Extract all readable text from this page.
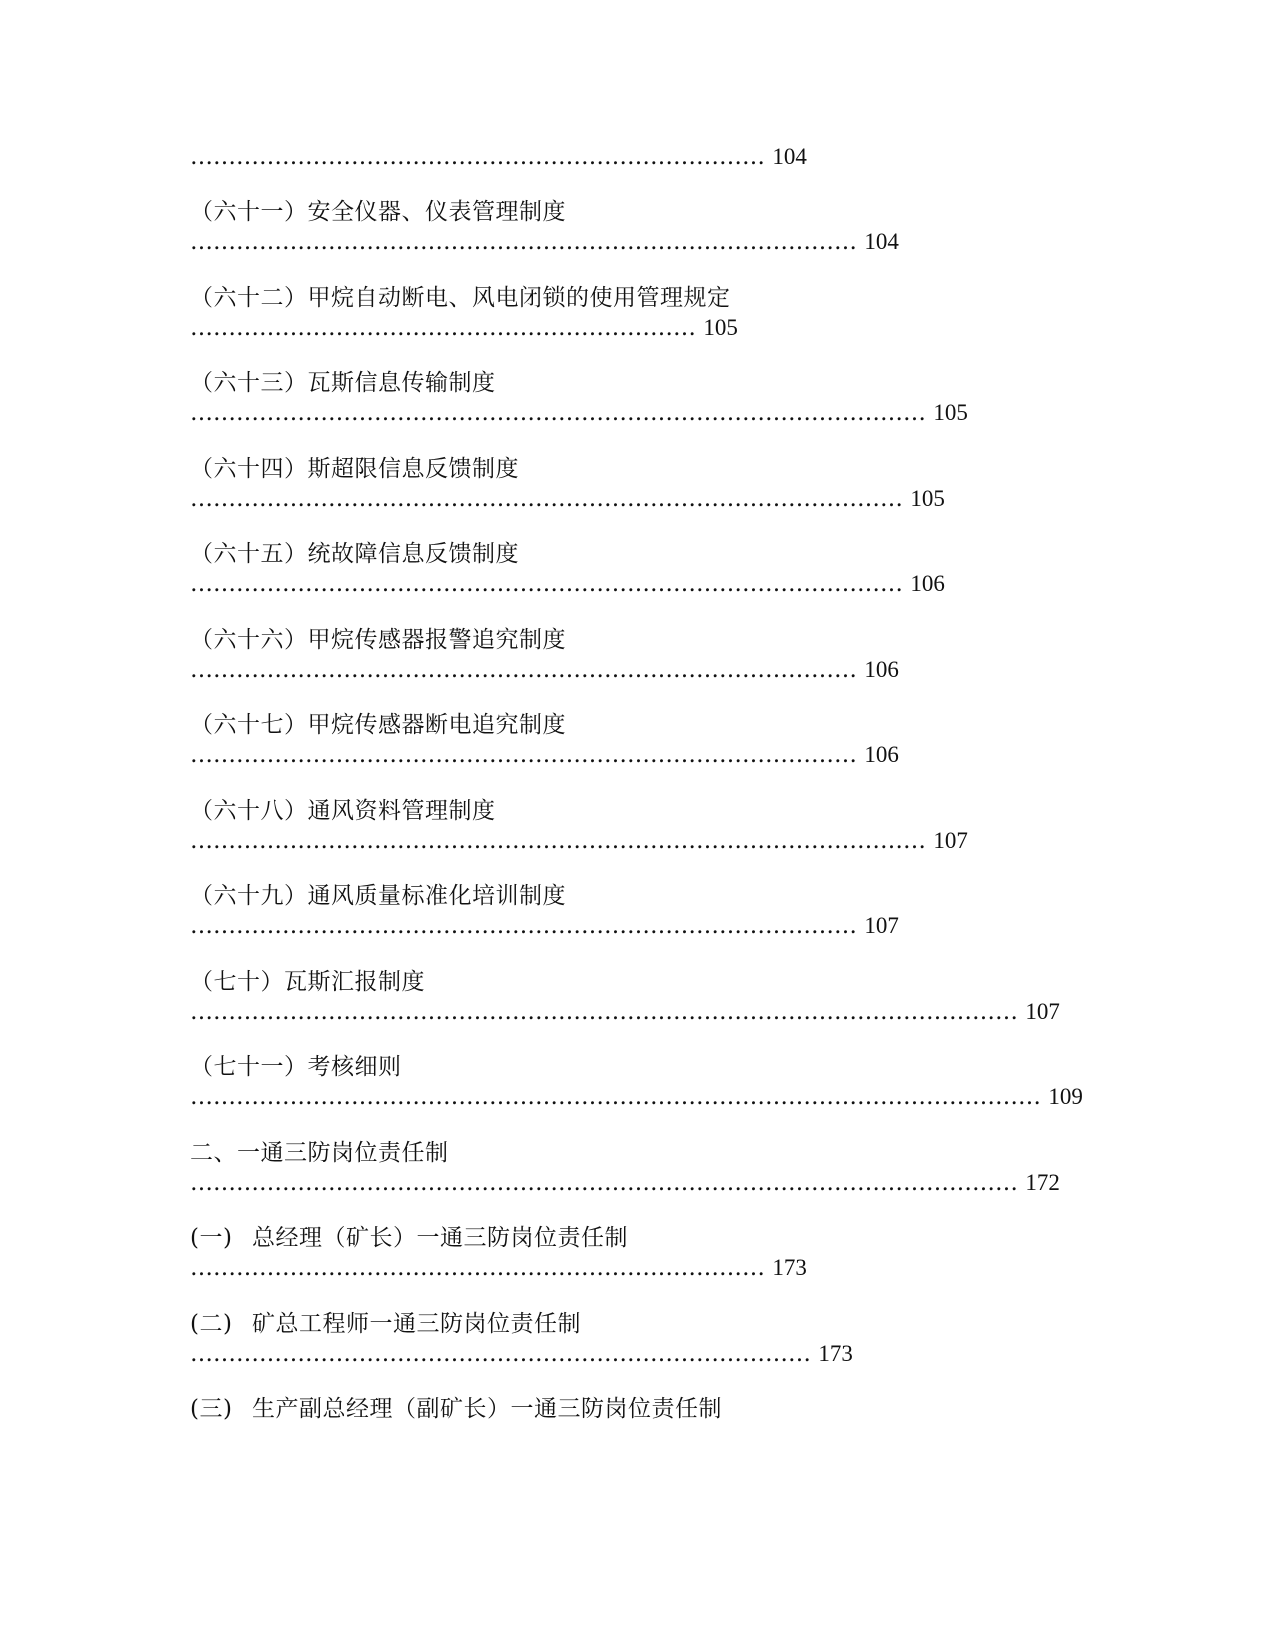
………………………………………………………………… 104
（六十一）安全仪器、仪表管理制度
…………………………………………………………………………… 104
（六十二）甲烷自动断电、风电闭锁的使用管理规定
………………………………………………………… 105
（六十三）瓦斯信息传输制度
…………………………………………………………………………………… 105
（六十四）斯超限信息反馈制度
………………………………………………………………………………… 105
（六十五）统故障信息反馈制度
………………………………………………………………………………… 106
（六十六）甲烷传感器报警追究制度
…………………………………………………………………………… 106
（六十七）甲烷传感器断电追究制度
…………………………………………………………………………… 106
（六十八）通风资料管理制度
…………………………………………………………………………………… 107
（六十九）通风质量标准化培训制度
…………………………………………………………………………… 107
（七十）瓦斯汇报制度
……………………………………………………………………………………………… 107
（七十一）考核细则
………………………………………………………………………………………………… 109
二、一通三防岗位责任制
……………………………………………………………………………………………… 172
(一) 总经理（矿长）一通三防岗位责任制
………………………………………………………………… 173
(二) 矿总工程师一通三防岗位责任制
……………………………………………………………………… 173
(三) 生产副总经理（副矿长）一通三防岗位责任制
